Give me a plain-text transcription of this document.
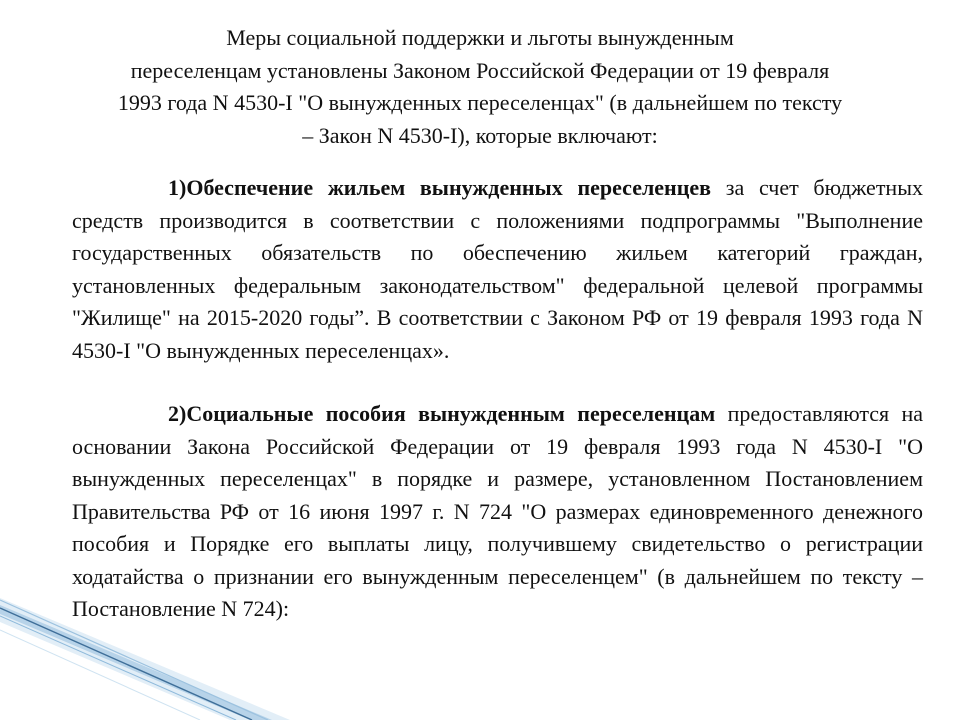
Меры социальной поддержки и льготы вынужденным
переселенцам установлены Законом Российской Федерации от 19 февраля
1993 года N 4530-I "О вынужденных переселенцах" (в дальнейшем по тексту
– Закон N 4530-I), которые включают:
1)Обеспечение жильем вынужденных переселенцев за счет бюджетных средств производится в соответствии с положениями подпрограммы "Выполнение государственных обязательств по обеспечению жильем категорий граждан, установленных федеральным законодательством" федеральной целевой программы "Жилище" на 2015-2020 годы”. В соответствии с Законом РФ от 19 февраля 1993 года N 4530-I "О вынужденных переселенцах».
2)Социальные пособия вынужденным переселенцам предоставляются на основании Закона Российской Федерации от 19 февраля 1993 года N 4530-I "О вынужденных переселенцах" в порядке и размере, установленном Постановлением Правительства РФ от 16 июня 1997 г. N 724 "О размерах единовременного денежного пособия и Порядке его выплаты лицу, получившему свидетельство о регистрации ходатайства о признании его вынужденным переселенцем" (в дальнейшем по тексту – Постановление N 724):
